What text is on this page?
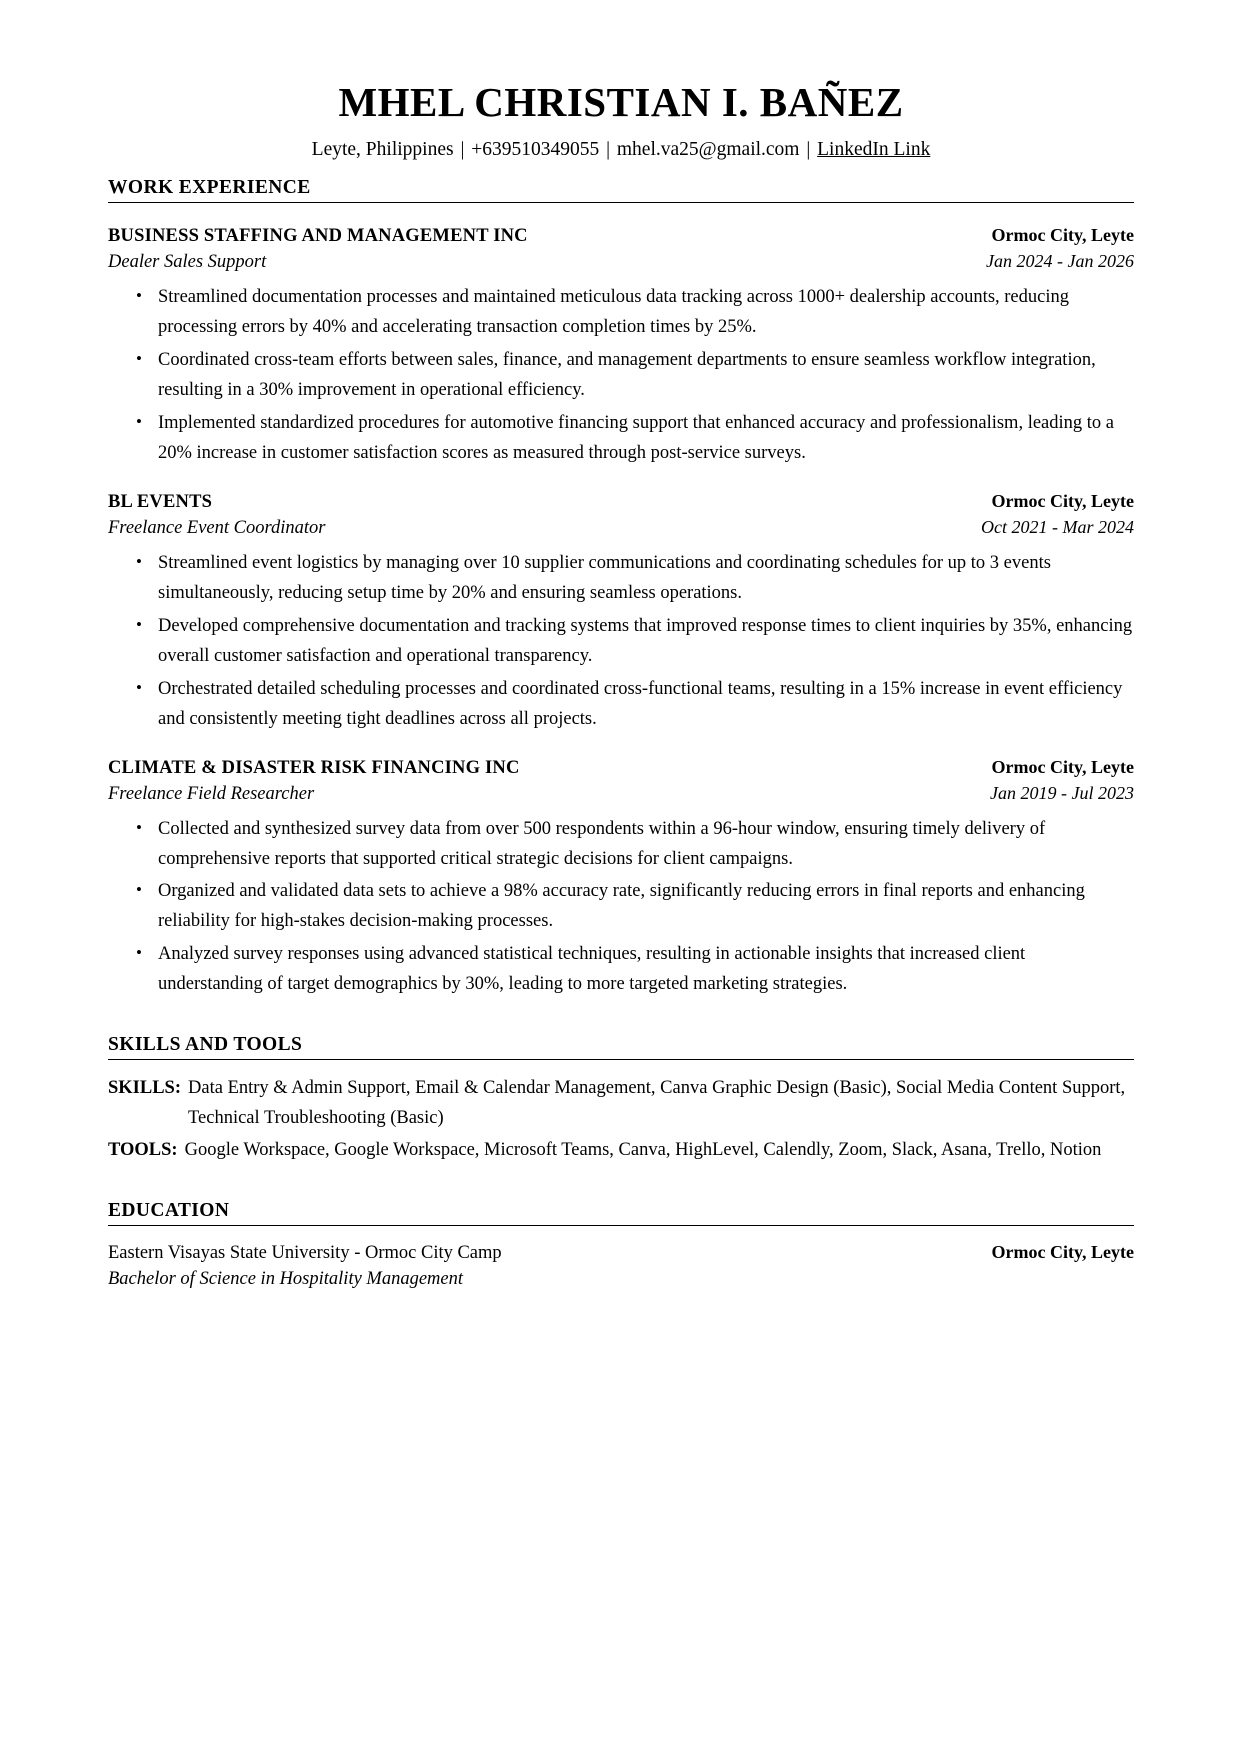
MHEL CHRISTIAN I. BAÑEZ
Leyte, Philippines | +639510349055 | mhel.va25@gmail.com | LinkedIn Link
WORK EXPERIENCE
BUSINESS STAFFING AND MANAGEMENT INC	Ormoc City, Leyte
Dealer Sales Support	Jan 2024 - Jan 2026
• Streamlined documentation processes and maintained meticulous data tracking across 1000+ dealership accounts, reducing processing errors by 40% and accelerating transaction completion times by 25%.
• Coordinated cross-team efforts between sales, finance, and management departments to ensure seamless workflow integration, resulting in a 30% improvement in operational efficiency.
• Implemented standardized procedures for automotive financing support that enhanced accuracy and professionalism, leading to a 20% increase in customer satisfaction scores as measured through post-service surveys.
BL EVENTS	Ormoc City, Leyte
Freelance Event Coordinator	Oct 2021 - Mar 2024
• Streamlined event logistics by managing over 10 supplier communications and coordinating schedules for up to 3 events simultaneously, reducing setup time by 20% and ensuring seamless operations.
• Developed comprehensive documentation and tracking systems that improved response times to client inquiries by 35%, enhancing overall customer satisfaction and operational transparency.
• Orchestrated detailed scheduling processes and coordinated cross-functional teams, resulting in a 15% increase in event efficiency and consistently meeting tight deadlines across all projects.
CLIMATE & DISASTER RISK FINANCING INC	Ormoc City, Leyte
Freelance Field Researcher	Jan 2019 - Jul 2023
• Collected and synthesized survey data from over 500 respondents within a 96-hour window, ensuring timely delivery of comprehensive reports that supported critical strategic decisions for client campaigns.
• Organized and validated data sets to achieve a 98% accuracy rate, significantly reducing errors in final reports and enhancing reliability for high-stakes decision-making processes.
• Analyzed survey responses using advanced statistical techniques, resulting in actionable insights that increased client understanding of target demographics by 30%, leading to more targeted marketing strategies.
SKILLS AND TOOLS
SKILLS: Data Entry & Admin Support, Email & Calendar Management, Canva Graphic Design (Basic), Social Media Content Support, Technical Troubleshooting (Basic)
TOOLS: Google Workspace, Google Workspace, Microsoft Teams, Canva, HighLevel, Calendly, Zoom, Slack, Asana, Trello, Notion
EDUCATION
Eastern Visayas State University - Ormoc City Camp	Ormoc City, Leyte
Bachelor of Science in Hospitality Management
